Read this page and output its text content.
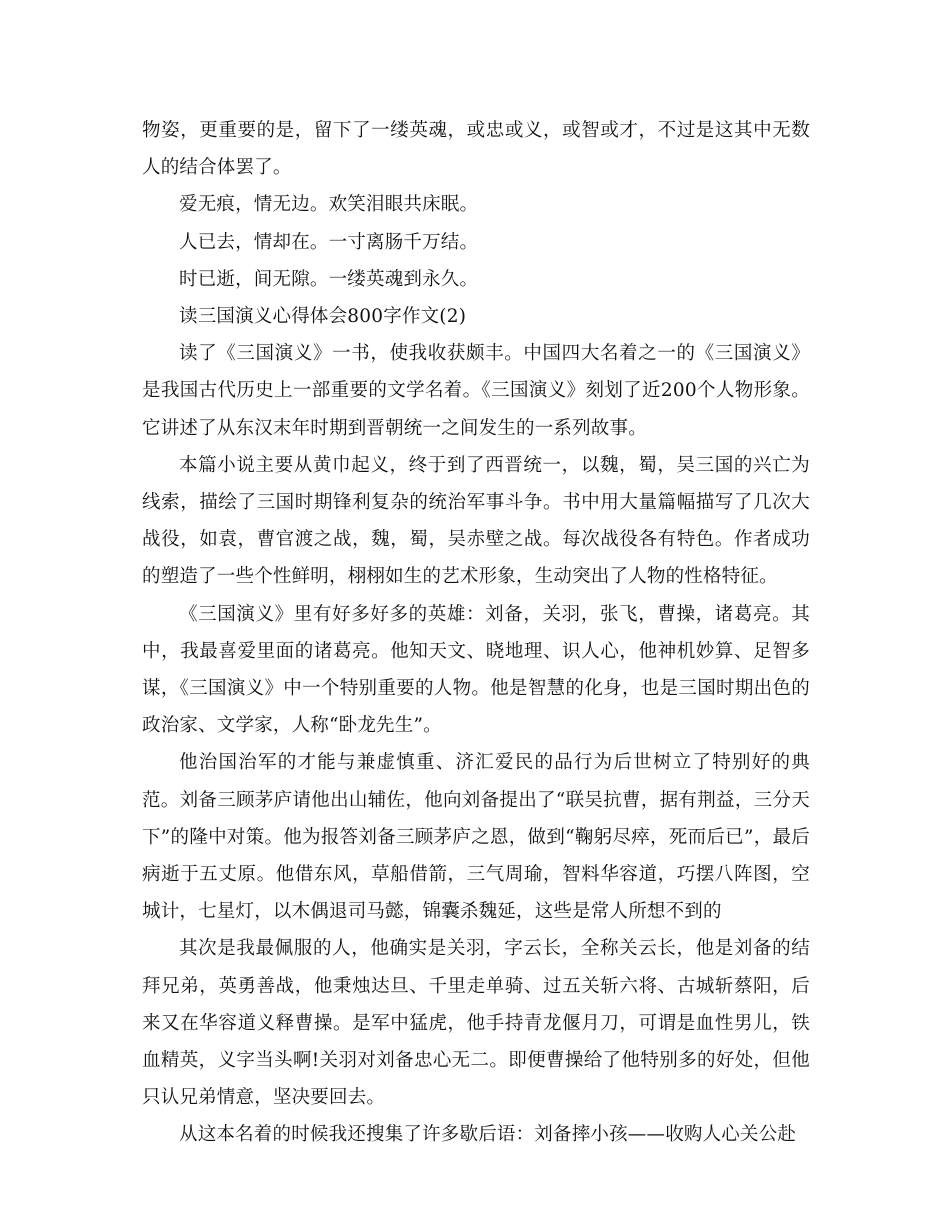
物姿，更重要的是，留下了一缕英魂，或忠或义，或智或才，不过是这其中无数人的结合体罢了。

爱无痕，情无边。欢笑泪眼共床眠。

人已去，情却在。一寸离肠千万结。

时已逝，间无隙。一缕英魂到永久。

读三国演义心得体会800字作文(2)

读了《三国演义》一书，使我收获颇丰。中国四大名着之一的《三国演义》是我国古代历史上一部重要的文学名着。《三国演义》刻划了近200个人物形象。它讲述了从东汉末年时期到晋朝统一之间发生的一系列故事。

本篇小说主要从黄巾起义，终于到了西晋统一，以魏，蜀，吴三国的兴亡为线索，描绘了三国时期锋利复杂的统治军事斗争。书中用大量篇幅描写了几次大战役，如袁，曹官渡之战，魏，蜀，吴赤壁之战。每次战役各有特色。作者成功的塑造了一些个性鲜明，栩栩如生的艺术形象，生动突出了人物的性格特征。

《三国演义》里有好多好多的英雄：刘备，关羽，张飞，曹操，诸葛亮。其中，我最喜爱里面的诸葛亮。他知天文、晓地理、识人心，他神机妙算、足智多谋，《三国演义》中一个特别重要的人物。他是智慧的化身，也是三国时期出色的政治家、文学家，人称“卧龙先生”。

他治国治军的才能与兼虚慎重、济汇爱民的品行为后世树立了特别好的典范。刘备三顾茅庐请他出山辅佐，他向刘备提出了“联吴抗曹，据有荆益，三分天下”的隆中对策。他为报答刘备三顾茅庐之恩，做到“鞠躬尽瘁，死而后已”，最后病逝于五丈原。他借东风，草船借箭，三气周瑜，智料华容道，巧摆八阵图，空城计，七星灯，以木偶退司马懿，锦囊杀魏延，这些是常人所想不到的

其次是我最佩服的人，他确实是关羽，字云长，全称关云长，他是刘备的结拜兄弟，英勇善战，他秉烛达旦、千里走单骑、过五关斩六将、古城斩蔡阳，后来又在华容道义释曹操。是军中猛虎，他手持青龙偃月刀，可谓是血性男儿，铁血精英，义字当头啊!关羽对刘备忠心无二。即便曹操给了他特别多的好处，但他只认兄弟情意，坚决要回去。

从这本名着的时候我还搜集了许多歇后语：刘备摔小孩——收购人心关公赴
